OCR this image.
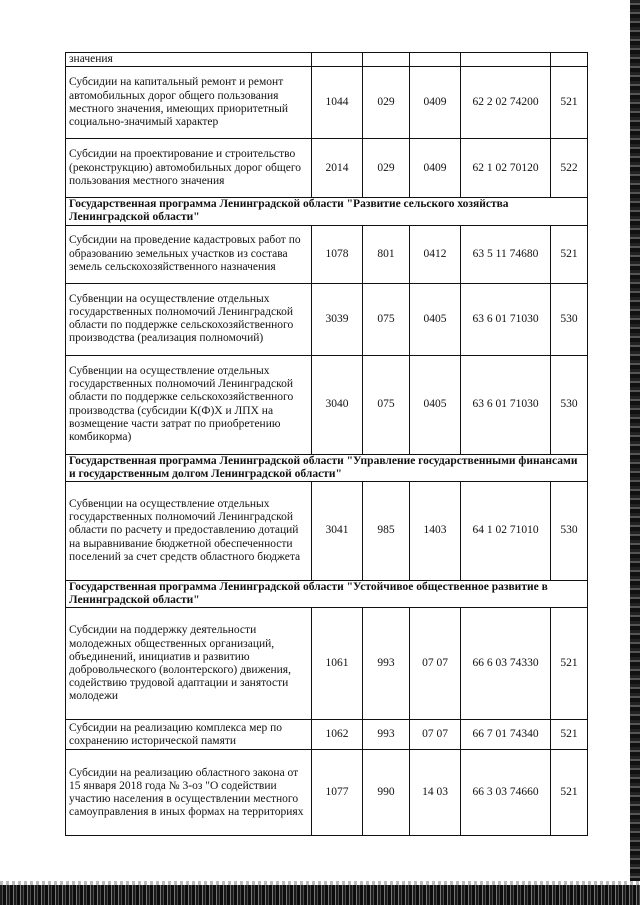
значения					
Субсидии на капитальный ремонт и ремонт автомобильных дорог общего пользования местного значения, имеющих приоритетный социально-значимый характер	1044	029	0409	62 2 02 74200	521
Субсидии на проектирование и строительство (реконструкцию) автомобильных дорог общего пользования местного значения	2014	029	0409	62 1 02 70120	522
Государственная программа Ленинградской области "Развитие сельского хозяйства Ленинградской области"					
Субсидии на проведение кадастровых работ по образованию земельных участков из состава земель сельскохозяйственного назначения	1078	801	0412	63 5 11 74680	521
Субвенции на осуществление отдельных государственных полномочий Ленинградской области по поддержке сельскохозяйственного производства (реализация полномочий)	3039	075	0405	63 6 01 71030	530
Субвенции на осуществление отдельных государственных полномочий Ленинградской области по поддержке сельскохозяйственного производства (субсидии К(Ф)Х и ЛПХ на возмещение части затрат по приобретению комбикорма)	3040	075	0405	63 6 01 71030	530
Государственная программа Ленинградской области "Управление государственными финансами и государственным долгом Ленинградской области"					
Субвенции на осуществление отдельных государственных полномочий Ленинградской области по расчету и предоставлению дотаций на выравнивание бюджетной обеспеченности поселений за счет средств областного бюджета	3041	985	1403	64 1 02 71010	530
Государственная программа Ленинградской области "Устойчивое общественное развитие в Ленинградской области"					
Субсидии на поддержку деятельности молодежных общественных организаций, объединений, инициатив и развитию добровольческого (волонтерского) движения, содействию трудовой адаптации и занятости молодежи	1061	993	07 07	66 6 03 74330	521
Субсидии на реализацию комплекса мер по сохранению исторической памяти	1062	993	07 07	66 7 01 74340	521
Субсидии на реализацию областного закона от 15 января 2018 года № 3-оз "О содействии участию населения в осуществлении местного самоуправления в иных формах на территориях	1077	990	14 03	66 3 03 74660	521
